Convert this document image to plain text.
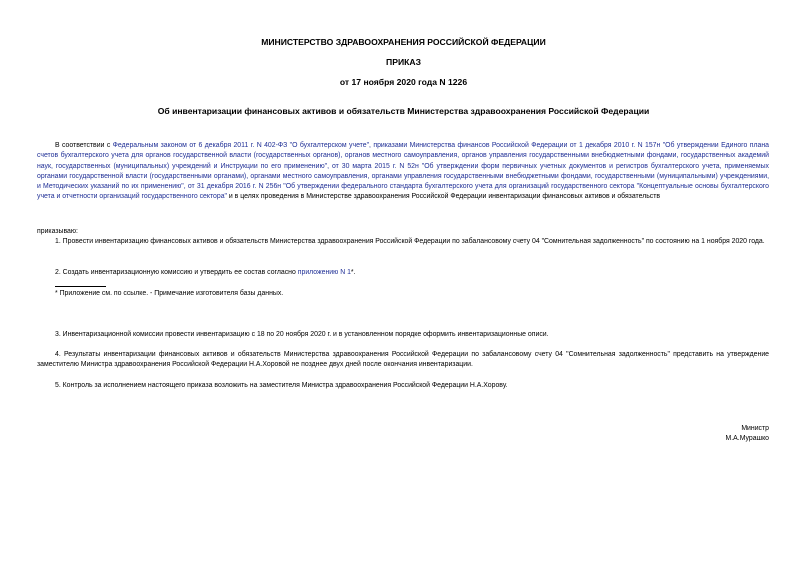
МИНИСТЕРСТВО ЗДРАВООХРАНЕНИЯ РОССИЙСКОЙ ФЕДЕРАЦИИ
ПРИКАЗ
от 17 ноября 2020 года N 1226
Об инвентаризации финансовых активов и обязательств Министерства здравоохранения Российской Федерации
В соответствии с Федеральным законом от 6 декабря 2011 г. N 402-ФЗ "О бухгалтерском учете", приказами Министерства финансов Российской Федерации от 1 декабря 2010 г. N 157н "Об утверждении Единого плана счетов бухгалтерского учета для органов государственной власти (государственных органов), органов местного самоуправления, органов управления государственными внебюджетными фондами, государственных академий наук, государственных (муниципальных) учреждений и Инструкции по его применению", от 30 марта 2015 г. N 52н "Об утверждении форм первичных учетных документов и регистров бухгалтерского учета, применяемых органами государственной власти (государственными органами), органами местного самоуправления, органами управления государственными внебюджетными фондами, государственными (муниципальными) учреждениями, и Методических указаний по их применению", от 31 декабря 2016 г. N 256н "Об утверждении федерального стандарта бухгалтерского учета для организаций государственного сектора "Концептуальные основы бухгалтерского учета и отчетности организаций государственного сектора" и в целях проведения в Министерстве здравоохранения Российской Федерации инвентаризации финансовых активов и обязательств
приказываю:
1. Провести инвентаризацию финансовых активов и обязательств Министерства здравоохранения Российской Федерации по забалансовому счету 04 "Сомнительная задолженность" по состоянию на 1 ноября 2020 года.
2. Создать инвентаризационную комиссию и утвердить ее состав согласно приложению N 1*.
* Приложение см. по ссылке. - Примечание изготовителя базы данных.
3. Инвентаризационной комиссии провести инвентаризацию с 18 по 20 ноября 2020 г. и в установленном порядке оформить инвентаризационные описи.
4. Результаты инвентаризации финансовых активов и обязательств Министерства здравоохранения Российской Федерации по забалансовому счету 04 "Сомнительная задолженность" представить на утверждение заместителю Министра здравоохранения Российской Федерации Н.А.Хоровой не позднее двух дней после окончания инвентаризации.
5. Контроль за исполнением настоящего приказа возложить на заместителя Министра здравоохранения Российской Федерации Н.А.Хорову.
Министр
М.А.Мурашко
